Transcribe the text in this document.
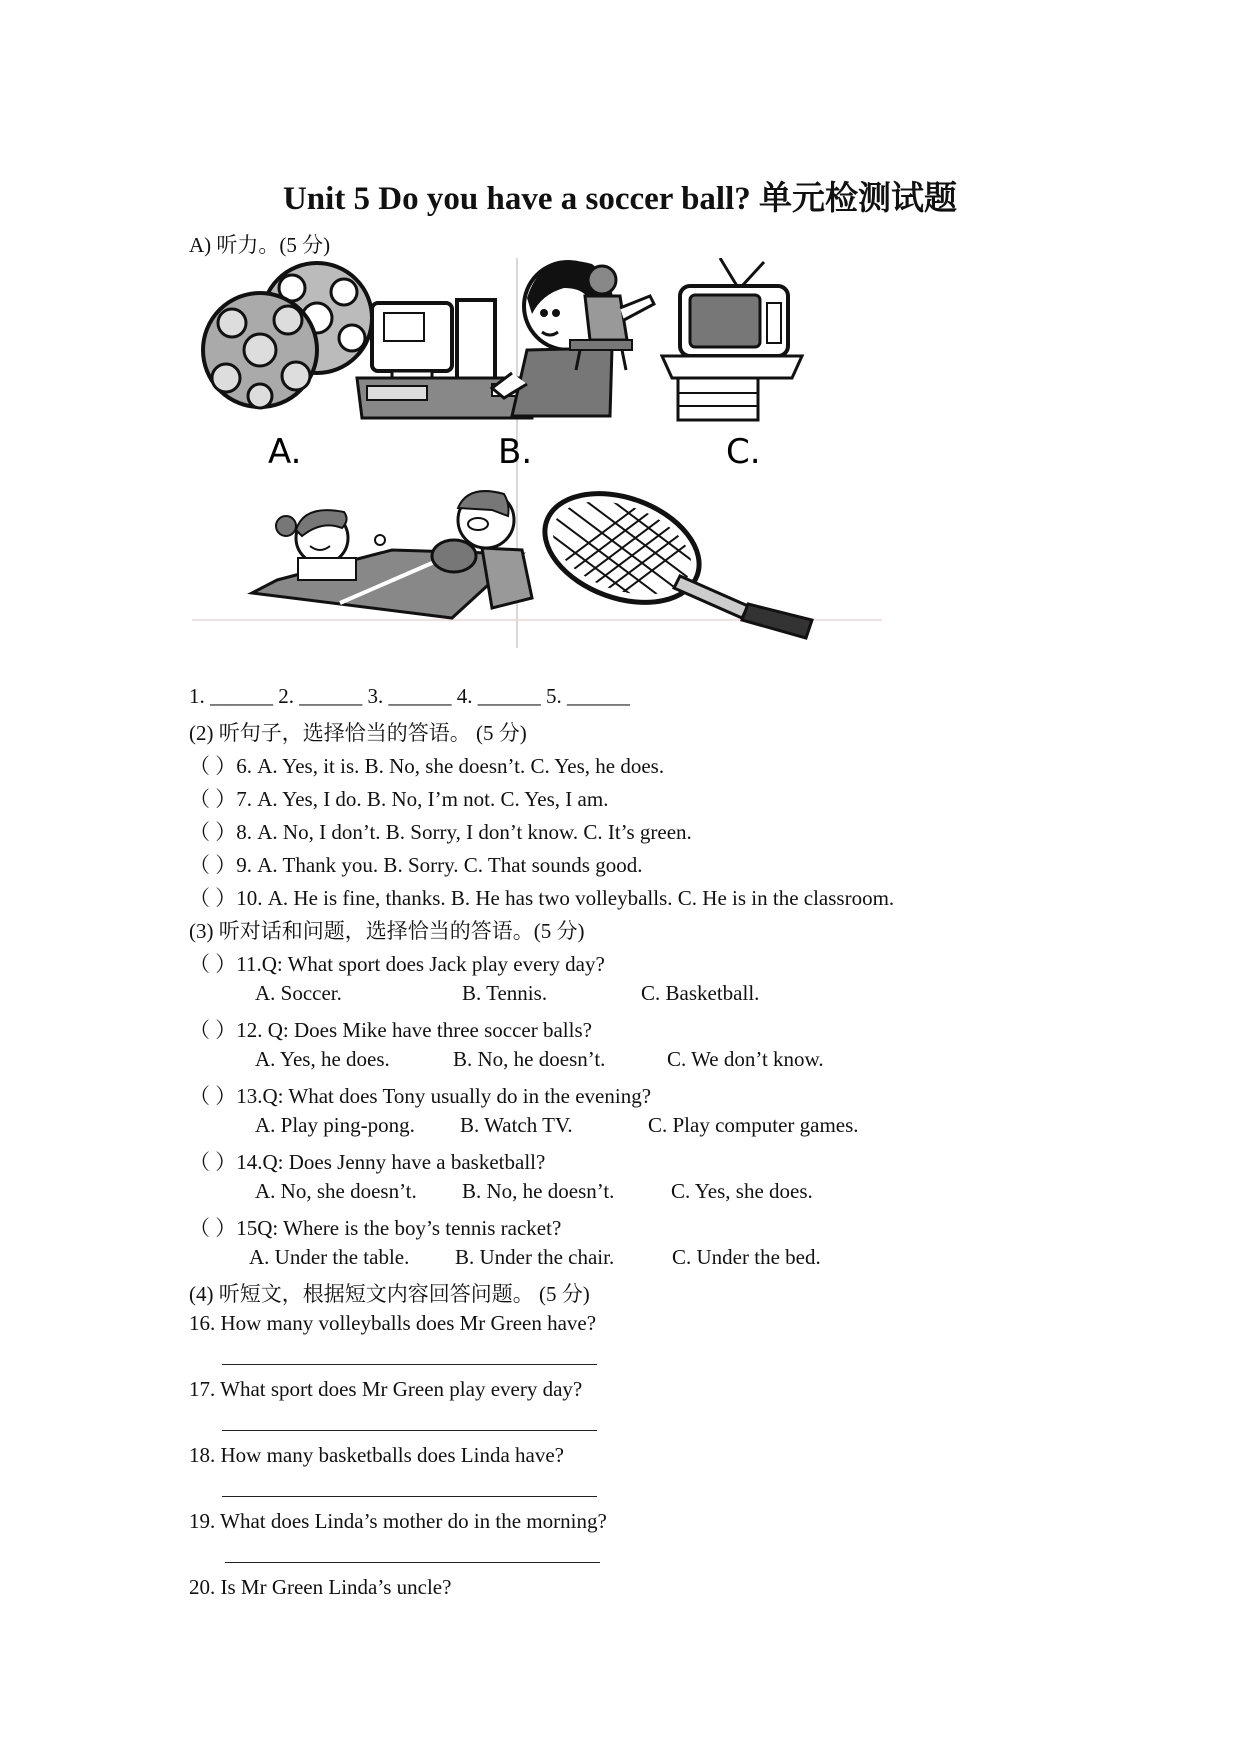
Unit 5 Do you have a soccer ball? 单元检测试题
A) 听力。(5 分)
A.	B.	C.
1. ______ 2. ______ 3. ______ 4. ______ 5. ______
(2) 听句子，选择恰当的答语。 (5 分)
（ ）6. A. Yes, it is. B. No, she doesn’t. C. Yes, he does.
（ ）7. A. Yes, I do. B. No, I’m not. C. Yes, I am.
（ ）8. A. No, I don’t. B. Sorry, I don’t know. C. It’s green.
（ ）9. A. Thank you. B. Sorry. C. That sounds good.
（ ）10. A. He is fine, thanks. B. He has two volleyballs. C. He is in the classroom.
(3) 听对话和问题，选择恰当的答语。(5 分)
（ ）11.Q: What sport does Jack play every day?
A. Soccer.	B. Tennis.	C. Basketball.
（ ）12. Q: Does Mike have three soccer balls?
A. Yes, he does.	B. No, he doesn’t.	C. We don’t know.
（ ）13.Q: What does Tony usually do in the evening?
A. Play ping-pong. B. Watch TV.	C. Play computer games.
（ ）14.Q: Does Jenny have a basketball?
A. No, she doesn’t. B. No, he doesn’t.	C. Yes, she does.
（ ）15Q: Where is the boy’s tennis racket?
A. Under the table. B. Under the chair.	C. Under the bed.
(4) 听短文，根据短文内容回答问题。 (5 分)
16. How many volleyballs does Mr Green have?
17. What sport does Mr Green play every day?
18. How many basketballs does Linda have?
19. What does Linda’s mother do in the morning?
20. Is Mr Green Linda’s uncle?
